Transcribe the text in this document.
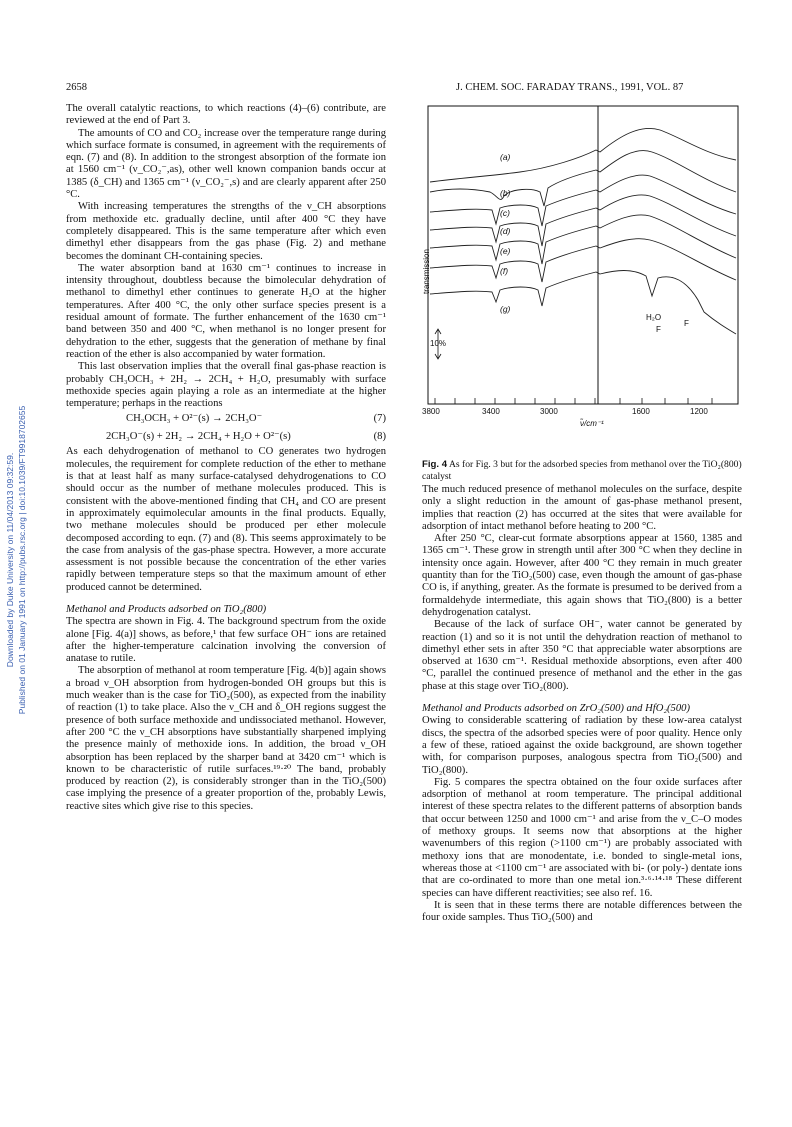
Downloaded by Duke University on 11/04/2013 09:32:59. Published on 01 January 1991 on http://pubs.rsc.org | doi:10.1039/FT9918702655
2658	J. CHEM. SOC. FARADAY TRANS., 1991, VOL. 87

The overall catalytic reactions, to which reactions (4)–(6) contribute, are reviewed at the end of Part 3.

The amounts of CO and CO₂ increase over the temperature range during which surface formate is consumed, in agreement with the requirements of eqn. (7) and (8). In addition to the strongest absorption of the formate ion at 1560 cm⁻¹ (ν_CO₂⁻,as), other well known companion bands occur at 1385 (δ_CH) and 1365 cm⁻¹ (ν_CO₂⁻,s) and are clearly apparent after 250 °C.

With increasing temperatures the strengths of the ν_CH absorptions from methoxide etc. gradually decline, until after 400 °C they have completely disappeared. This is the same temperature after which even dimethyl ether disappears from the gas phase (Fig. 2) and methane becomes the dominant CH-containing species.

The water absorption band at 1630 cm⁻¹ continues to increase in intensity throughout, doubtless because the bimolecular dehydration of methanol to dimethyl ether continues to generate H₂O at the higher temperatures. After 400 °C, the only other surface species present is a residual amount of formate. The further enhancement of the 1630 cm⁻¹ band between 350 and 400 °C, when methanol is no longer present for dehydration to the ether, suggests that the generation of methane by final reaction of the ether is also accompanied by water formation.

This last observation implies that the overall final gas-phase reaction is probably CH₃OCH₃ + 2H₂ → 2CH₄ + H₂O, presumably with surface methoxide species again playing a role as an intermediate at the higher temperature; perhaps in the reactions

CH₃OCH₃ + O²⁻(s) → 2CH₃O⁻	(7)
2CH₃O⁻(s) + 2H₂ → 2CH₄ + H₂O + O²⁻(s)	(8)

As each dehydrogenation of methanol to CO generates two hydrogen molecules, the requirement for complete reduction of the ether to methane is that at least half as many surface-catalysed dehydrogenations to CO should occur as the number of methane molecules produced. This is consistent with the above-mentioned finding that CH₄ and CO are present in approximately equimolecular amounts in the final products. Equally, two methane molecules should be produced per ether molecule decomposed according to eqn. (7) and (8). This seems approximately to be the case from analysis of the gas-phase spectra. However, a more accurate assessment is not possible because the concentration of the ether varies rapidly between temperature steps so that the maximum amount of ether produced cannot be determined.

Methanol and Products adsorbed on TiO₂(800)

The spectra are shown in Fig. 4. The background spectrum from the oxide alone [Fig. 4(a)] shows, as before,¹ that few surface OH⁻ ions are retained after the higher-temperature calcination involving the conversion of anatase to rutile.

The absorption of methanol at room temperature [Fig. 4(b)] again shows a broad ν_OH absorption from hydrogen-bonded OH groups but this is much weaker than is the case for TiO₂(500), as expected from the inability of reaction (1) to take place. Also the ν_CH and δ_OH regions suggest the presence of both surface methoxide and undissociated methanol. However, after 200 °C the ν_CH absorptions have substantially sharpened implying the presence mainly of methoxide ions. In addition, the broad ν_OH absorption has been replaced by the sharper band at 3420 cm⁻¹ which is known to be characteristic of rutile surfaces.¹⁹·²⁰ The band, probably produced by reaction (2), is considerably stronger than in the TiO₂(500) case implying the presence of a greater proportion of the, probably Lewis, reactive sites which give rise to this species.

(a)
(b)
(c)
(d)
(e)
(f)
(g)
transmission
10%
H₂O
F
F
3800	3400	3000	1600	1200
ν̃/cm⁻¹
Fig. 4 As for Fig. 3 but for the adsorbed species from methanol over the TiO₂(800) catalyst

The much reduced presence of methanol molecules on the surface, despite only a slight reduction in the amount of gas-phase methanol present, implies that reaction (2) has occurred at the sites that were available for adsorption of intact methanol before heating to 200 °C.

After 250 °C, clear-cut formate absorptions appear at 1560, 1385 and 1365 cm⁻¹. These grow in strength until after 300 °C when they decline in intensity once again. However, after 400 °C they remain in much greater quantity than for the TiO₂(500) case, even though the amount of gas-phase CO is, if anything, greater. As the formate is presumed to be derived from a formaldehyde intermediate, this again shows that TiO₂(800) is a better dehydrogenation catalyst.

Because of the lack of surface OH⁻, water cannot be generated by reaction (1) and so it is not until the dehydration reaction of methanol to dimethyl ether sets in after 350 °C that appreciable water absorptions are observed at 1630 cm⁻¹. Residual methoxide absorptions, even after 400 °C, parallel the continued presence of methanol and the ether in the gas phase at this stage over TiO₂(800).

Methanol and Products adsorbed on ZrO₂(500) and HfO₂(500)

Owing to considerable scattering of radiation by these low-area catalyst discs, the spectra of the adsorbed species were of poor quality. Hence only a few of these, ratioed against the oxide background, are shown together with, for comparison purposes, analogous spectra from TiO₂(500) and TiO₂(800).

Fig. 5 compares the spectra obtained on the four oxide surfaces after adsorption of methanol at room temperature. The principal additional interest of these spectra relates to the different patterns of absorption bands that occur between 1250 and 1000 cm⁻¹ and arise from the ν_C–O modes of methoxy groups. It seems now that absorptions at the higher wavenumbers of this region (>1100 cm⁻¹) are probably associated with methoxy ions that are monodentate, i.e. bonded to single-metal ions, whereas those at <1100 cm⁻¹ are associated with bi- (or poly-) dentate ions that are co-ordinated to more than one metal ion.³·⁶·¹⁴·¹⁸ These different species can have different reactivities; see also ref. 16.

It is seen that in these terms there are notable differences between the four oxide samples. Thus TiO₂(500) and
